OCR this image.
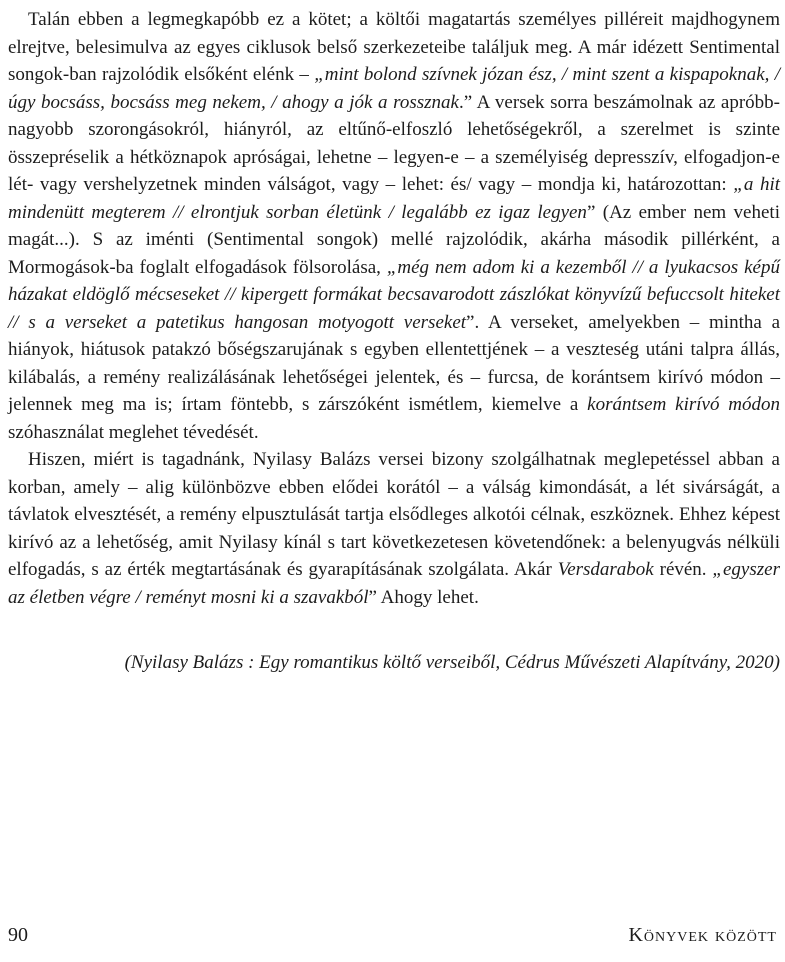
Talán ebben a legmegkapóbb ez a kötet; a költői magatartás személyes pilléreit majdhogynem elrejtve, belesimulva az egyes ciklusok belső szerkezeteibe találjuk meg. A már idézett Sentimental songok-ban rajzolódik elsőként elénk – „mint bolond szívnek józan ész, / mint szent a kispapoknak, / úgy bocsáss, bocsáss meg nekem, / ahogy a jók a rossznak.” A versek sorra beszámolnak az apróbb-nagyobb szorongásokról, hiányról, az eltűnő-elfoszló lehetőségekről, a szerelmet is szinte összepréselik a hétköznapok apróságai, lehetne – legyen-e – a személyiség depresszív, elfogadjon-e lét- vagy vershelyzetnek minden válságot, vagy – lehet: és/ vagy – mondja ki, határozottan: „a hit mindenütt megterem // elrontjuk sorban életünk / legalább ez igaz legyen” (Az ember nem veheti magát...). S az iménti (Sentimental songok) mellé rajzolódik, akárha második pillérként, a Mormogások-ba foglalt elfogadások fölsorolása, „még nem adom ki a kezemből // a lyukacsos képű házakat eldöglő mécseseket // kipergett formákat becsavarodott zászlókat könyvízű befuccsolt hiteket // s a verseket a patetikus hangosan motyogott verseket”. A verseket, amelyekben – mintha a hiányok, hiátusok patakzó bőségszarujának s egyben ellentettjének – a veszteség utáni talpra állás, kilábalás, a remény realizálásának lehetőségei jelentek, és – furcsa, de korántsem kirívó módon – jelennek meg ma is; írtam föntebb, s zárszóként ismétlem, kiemelve a korántsem kirívó módon szóhasználat meglehet tévedését.

Hiszen, miért is tagadnánk, Nyilasy Balázs versei bizony szolgálhatnak meglepetéssel abban a korban, amely – alig különbözve ebben elődei korától – a válság kimondását, a lét sivárságát, a távlatok elvesztését, a remény elpusztulását tartja elsődleges alkotói célnak, eszköznek. Ehhez képest kirívó az a lehetőség, amit Nyilasy kínál s tart következetesen követendőnek: a belenyugvás nélküli elfogadás, s az érték megtartásának és gyarapításának szolgálata. Akár Versdarabok révén. „egyszer az életben végre / reményt mosni ki a szavakból” Ahogy lehet.

(Nyilasy Balázs : Egy romantikus költő verseiből, Cédrus Művészeti Alapítvány, 2020)

90	Könyvek között
